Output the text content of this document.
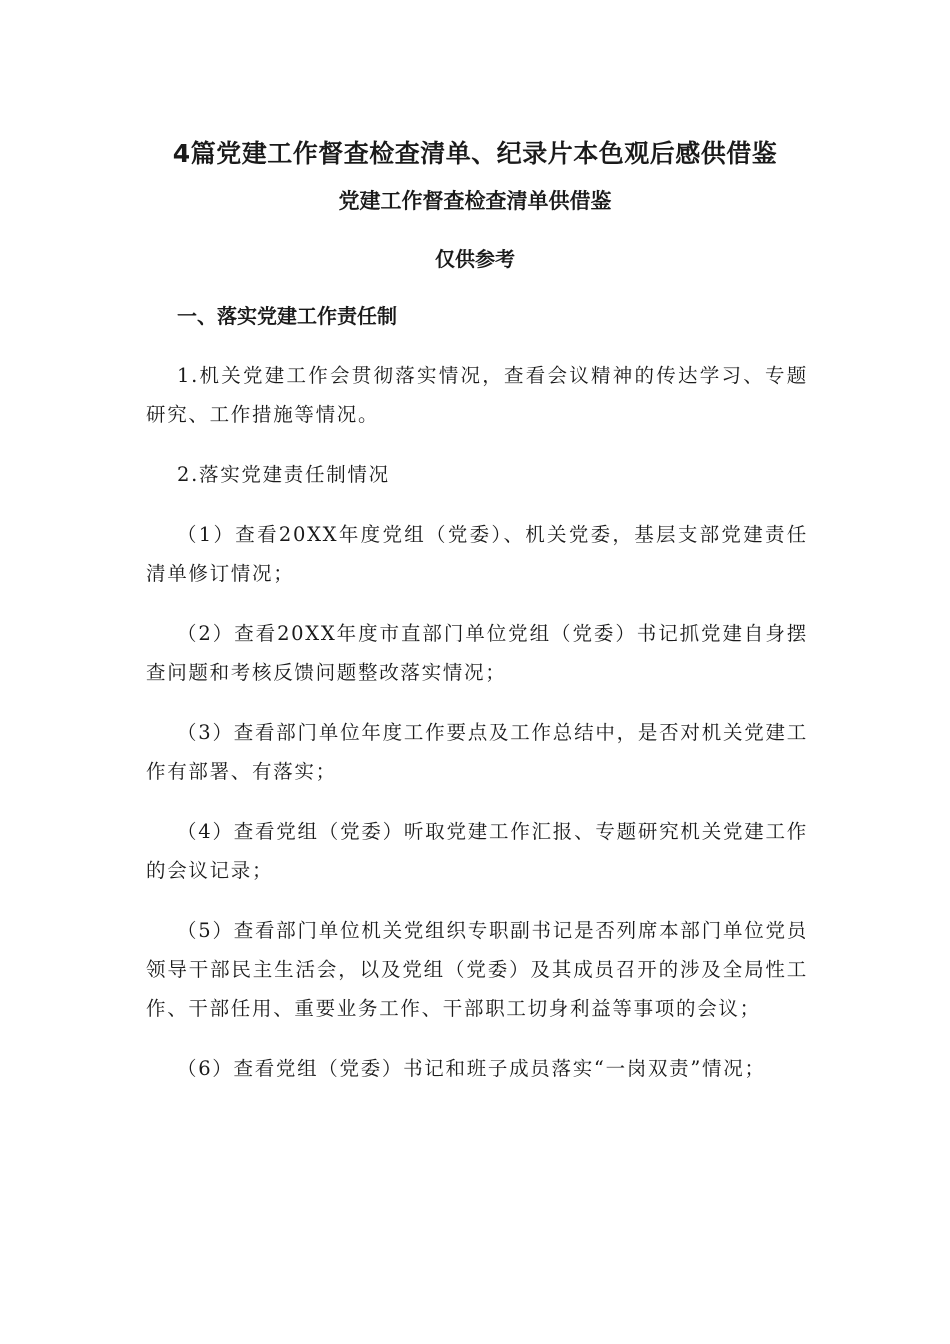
4篇党建工作督查检查清单、纪录片本色观后感供借鉴
党建工作督查检查清单供借鉴
仅供参考
一、落实党建工作责任制

1.机关党建工作会贯彻落实情况，查看会议精神的传达学习、专题研究、工作措施等情况。

2.落实党建责任制情况

（1）查看20XX年度党组（党委）、机关党委，基层支部党建责任清单修订情况；

（2）查看20XX年度市直部门单位党组（党委）书记抓党建自身摆查问题和考核反馈问题整改落实情况；

（3）查看部门单位年度工作要点及工作总结中，是否对机关党建工作有部署、有落实；

（4）查看党组（党委）听取党建工作汇报、专题研究机关党建工作的会议记录；

（5）查看部门单位机关党组织专职副书记是否列席本部门单位党员领导干部民主生活会，以及党组（党委）及其成员召开的涉及全局性工作、干部任用、重要业务工作、干部职工切身利益等事项的会议；

（6）查看党组（党委）书记和班子成员落实“一岗双责”情况；
